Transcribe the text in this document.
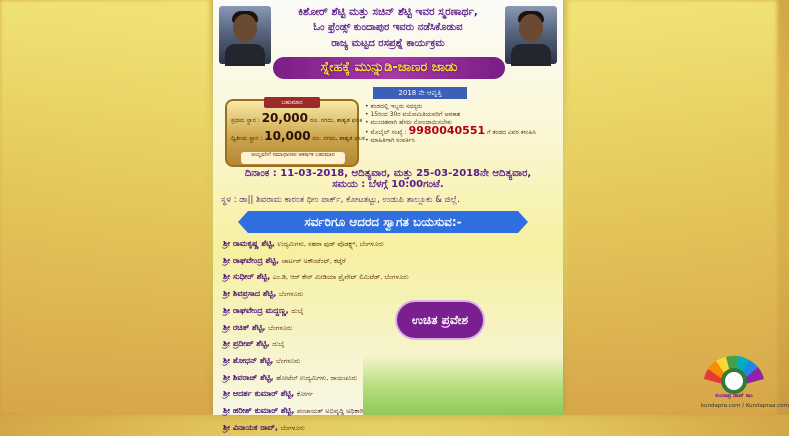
ಕಿಶೋರ್ ಶೆಟ್ಟಿ ಮತ್ತು ಸಚಿನ್ ಶೆಟ್ಟಿ ಇವರ ಸ್ಮರಣಾರ್ಥ,
ಓಂ ಫ್ರೆಂಡ್ಸ್ ಕುಂದಾಪುರ ಇವರು ನಡೆಸಿಕೊಡುವ
ರಾಜ್ಯ ಮಟ್ಟದ ರಸಪ್ರಶ್ನೆ ಕಾರ್ಯಕ್ರಮ
ಸ್ನೇಹಕ್ಕೆ ಮುನ್ನುಡಿ-ಜಾಣರ ಜಾಡು
2018 ನೇ ಆವೃತ್ತಿ
ಬಹುಮಾನ
ಪ್ರಥಮ ಸ್ಥಾನ : 20,000 ರೂ. ನಗದು, ಶಾಶ್ವತ ಫಲಕ
ದ್ವಿತೀಯ ಸ್ಥಾನ : 10,000 ರೂ. ನಗದು, ಶಾಶ್ವತ ಫಲಕ
ಆಯ್ದವರಿಗೆ ಸಮಾಧಾನಕರ ಆಕರ್ಷಕ ಬಹುಮಾನ
• ತಂಡದಲ್ಲಿ ಇಬ್ಬರು ಸದಸ್ಯರು
• 15ರಿಂದ 30ರ ವಯೋಮಿತಿಯವರಿಗೆ ಅವಕಾಶ
• ಮುಂಚಿತವಾಗಿ ಹೆಸರು ನೋಂದಾಯಿಸಬೇಕು
• ಮೊಬೈಲ್ ಸಂಖ್ಯೆ : 9980040551 ಗೆ ತಂಡದ ವಿವರ ಕಳುಹಿಸಿ
• ಮಾಹಿತಿಗಾಗಿ ಸಂಪರ್ಕಿಸಿ
ದಿನಾಂಕ : 11-03-2018, ಆದಿತ್ಯವಾರ, ಮತ್ತು 25-03-2018ನೇ ಆದಿತ್ಯವಾರ,
ಸಮಯ : ಬೆಳಗ್ಗೆ 10:00ಗಂಟೆ.
ಸ್ಥಳ : ಡಾ|| ಶಿವರಾಮ ಕಾರಂತ ಥೀಂ ಪಾರ್ಕ್, ಕೋಟತಟ್ಟು, ಉಡುಪಿ ತಾಲ್ಲೂಕು & ಜಿಲ್ಲೆ.
ಸರ್ವರಿಗೂ ಆದರದ ಸ್ವಾಗತ ಬಯಸುವ:-
ಶ್ರೀ ರಾಮಕೃಷ್ಣ ಶೆಟ್ಟಿ, ಉದ್ಯಮಿಗಳು, ಸಹರಾ ಫುಡ್ ಪೊಡಕ್ಟ್ಸ್, ಬೆಂಗಳೂರು
ಶ್ರೀ ರಾಘವೇಂದ್ರ ಶೆಟ್ಟಿ, ಚಾರ್ಟರ್ ಅಕೌಂಟೆಂಟ್, ಕಟ್ಕೆರೆ
ಶ್ರೀ ಸುಧೀರ್ ಶೆಟ್ಟಿ, ಎಂ.ಡಿ, ಆರ್ ಕೇರ್ ಮೀಡಿಯಾ ಪ್ರೈವೇಟ್ ಲಿಮಿಟೆಡ್, ಬೆಂಗಳೂರು
ಶ್ರೀ ಶಿವಪ್ರಸಾದ ಶೆಟ್ಟಿ, ಬೆಂಗಳೂರು
ಶ್ರೀ ರಾಘವೇಂದ್ರ ಮದ್ದಣ್ಣ, ದುಬೈ
ಶ್ರೀ ರಚಿತ್ ಶೆಟ್ಟಿ, ಬೆಂಗಳೂರು
ಶ್ರೀ ಪ್ರದೀಪ್ ಶೆಟ್ಟಿ, ದುಬೈ
ಶ್ರೀ ಶೋಧನ್ ಶೆಟ್ಟಿ, ಬೆಂಗಳೂರು
ಶ್ರೀ ಶಿವರಾಜ್ ಶೆಟ್ಟಿ, ಹೋಟೆಲ್ ಉದ್ಯಮಿಗಳು, ರಾಯಚೂರು
ಶ್ರೀ ಆದರ್ಶ ಕುಮಾರ್ ಶೆಟ್ಟಿ, ಕೋರ್ಗ
ಶ್ರೀ ಹರೀಶ್ ಕುಮಾರ್ ಶೆಟ್ಟಿ, ಪಂಚಾಯತ್ ಅಭಿವೃದ್ಧಿ ಅಧಿಕಾರಿ
ಶ್ರೀ ವಿನಾಯಕ ರಾವ್, ಬೆಂಗಳೂರು
ಉಚಿತ ಪ್ರವೇಶ
ಕುಂದಾಪ್ರ ಡಾಟ್ ಕಾಂ
kundapra.com / Kundapraa.com
